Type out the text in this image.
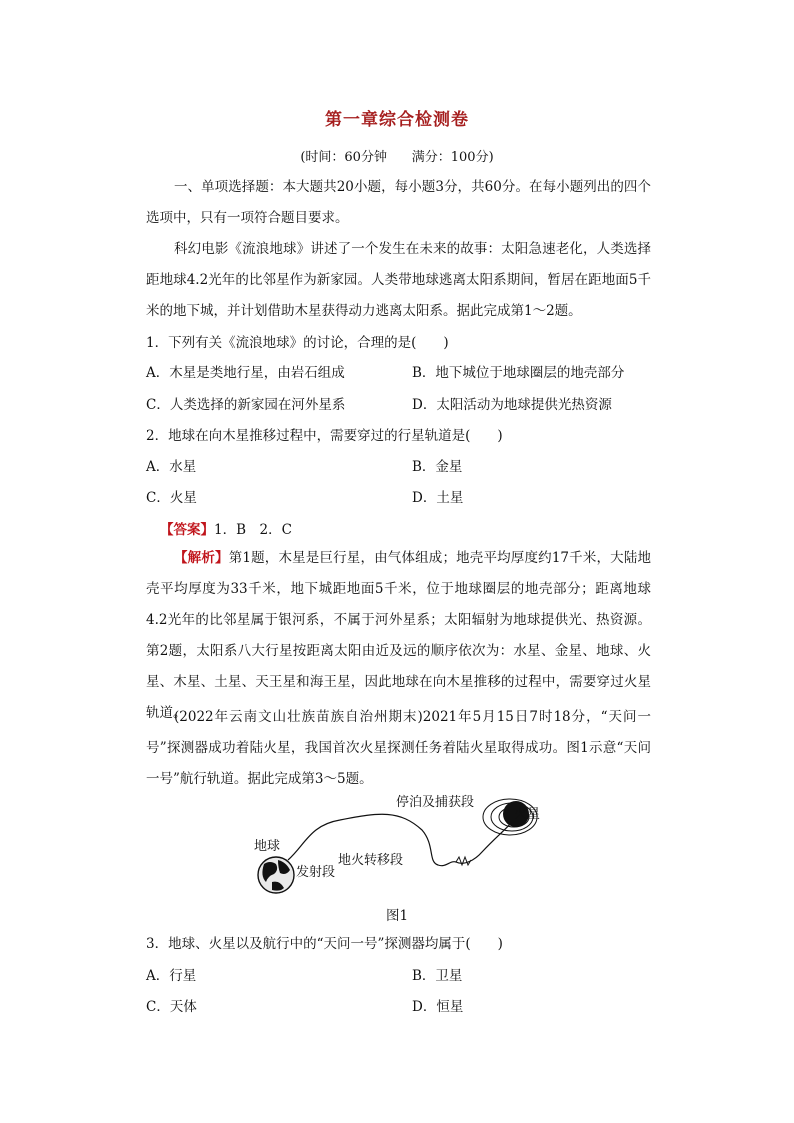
第一章综合检测卷
(时间：60分钟      满分：100分)
一、单项选择题：本大题共20小题，每小题3分，共60分。在每小题列出的四个选项中，只有一项符合题目要求。
科幻电影《流浪地球》讲述了一个发生在未来的故事：太阳急速老化，人类选择距地球4.2光年的比邻星作为新家园。人类带地球逃离太阳系期间，暂居在距地面5千米的地下城，并计划借助木星获得动力逃离太阳系。据此完成第1～2题。
1．下列有关《流浪地球》的讨论，合理的是(　　)
A．木星是类地行星，由岩石组成	B．地下城位于地球圈层的地壳部分
C．人类选择的新家园在河外星系	D．太阳活动为地球提供光热资源
2．地球在向木星推移过程中，需要穿过的行星轨道是(　　)
A．水星	B．金星
C．火星	D．土星
【答案】1．B　2．C
【解析】第1题，木星是巨行星，由气体组成；地壳平均厚度约17千米，大陆地壳平均厚度为33千米，地下城距地面5千米，位于地球圈层的地壳部分；距离地球4.2光年的比邻星属于银河系，不属于河外星系；太阳辐射为地球提供光、热资源。第2题，太阳系八大行星按距离太阳由近及远的顺序依次为：水星、金星、地球、火星、木星、土星、天王星和海王星，因此地球在向木星推移的过程中，需要穿过火星轨道。
(2022年云南文山壮族苗族自治州期末)2021年5月15日7时18分，“天问一号”探测器成功着陆火星，我国首次火星探测任务着陆火星取得成功。图1示意“天问一号”航行轨道。据此完成第3～5题。
停泊及捕获段
火星
地球
发射段
地火转移段
图1
3．地球、火星以及航行中的“天问一号”探测器均属于(　　)
A．行星	B．卫星
C．天体	D．恒星
